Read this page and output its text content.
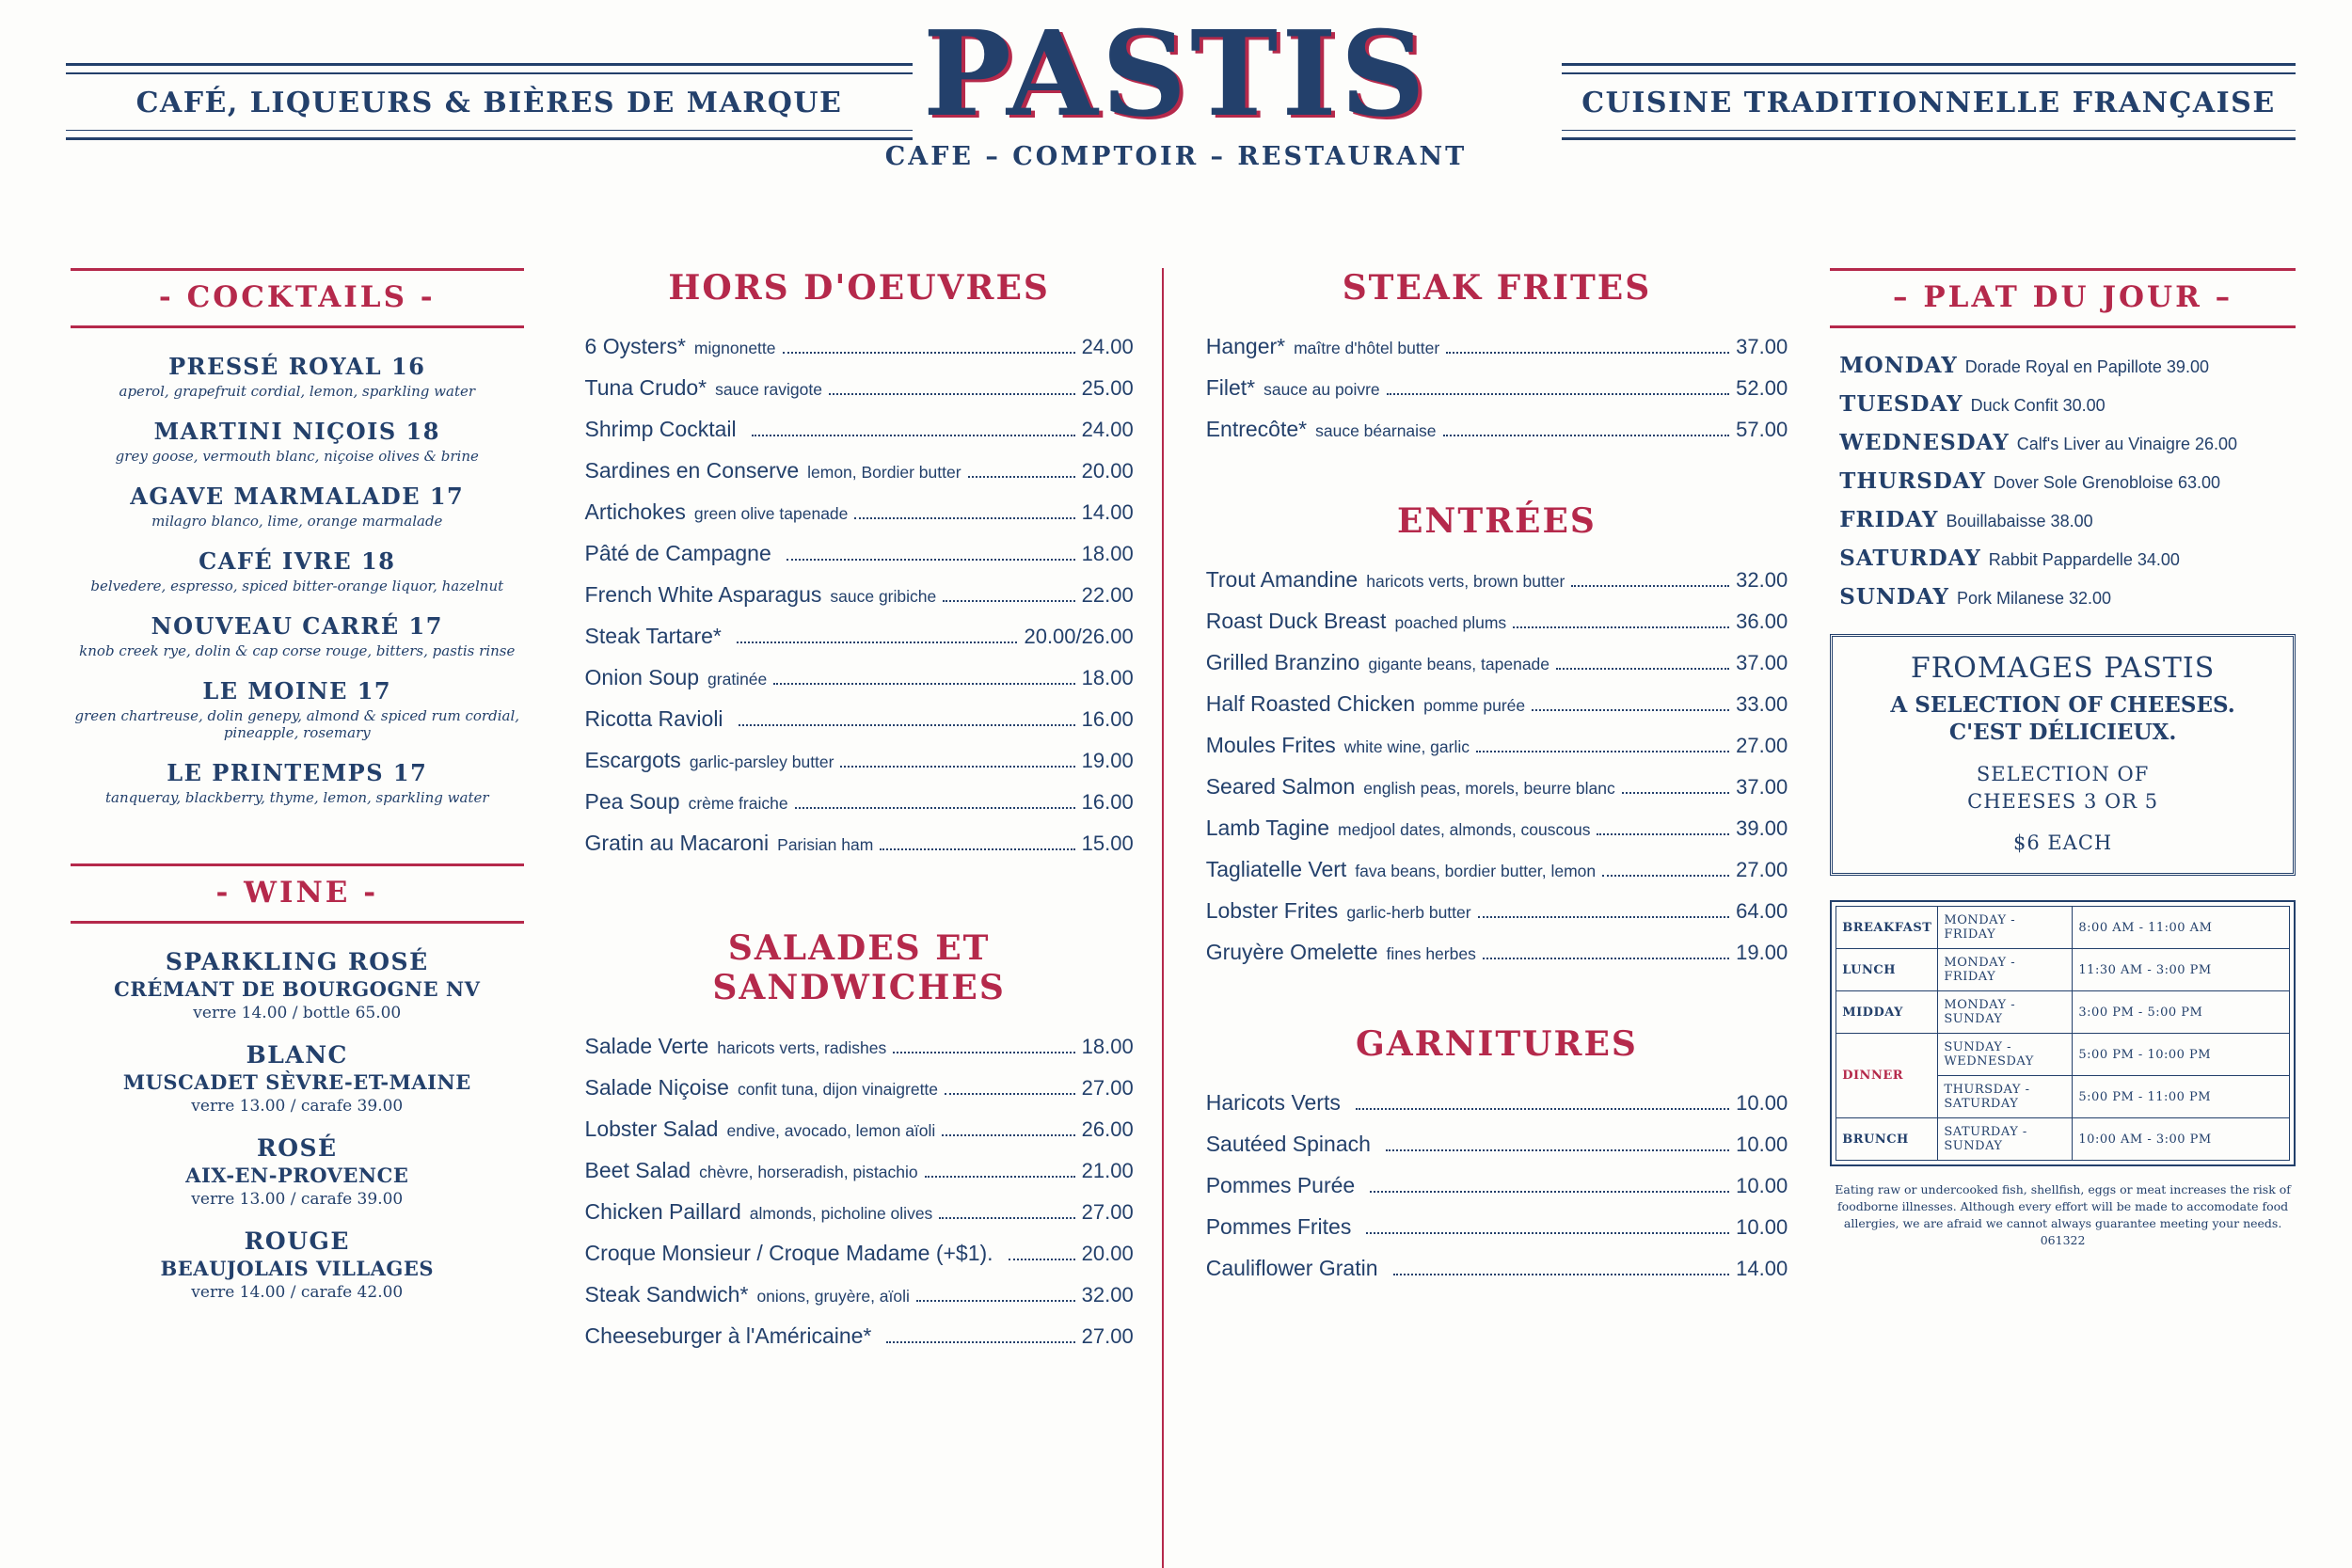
CAFÉ, LIQUEURS & BIÈRES DE MARQUE PASTIS
CAFE – COMPTOIR – RESTAURANT
CUISINE TRADITIONNELLE FRANÇAISE
- COCKTAILS -
PRESSÉ ROYAL 16
aperol, grapefruit cordial, lemon, sparkling water
MARTINI NIÇOIS 18
grey goose, vermouth blanc, niçoise olives & brine
AGAVE MARMALADE 17
milagro blanco, lime, orange marmalade
CAFÉ IVRE 18
belvedere, espresso, spiced bitter-orange liquor, hazelnut
NOUVEAU CARRÉ 17
knob creek rye, dolin & cap corse rouge, bitters, pastis rinse
LE MOINE 17
green chartreuse, dolin genepy, almond & spiced rum cordial, pineapple, rosemary
LE PRINTEMPS 17
tanqueray, blackberry, thyme, lemon, sparkling water
- WINE -
SPARKLING ROSÉ
CRÉMANT DE BOURGOGNE NV
verre 14.00 / bottle 65.00
BLANC
MUSCADET SÈVRE-ET-MAINE
verre 13.00 / carafe 39.00
ROSÉ
AIX-EN-PROVENCE
verre 13.00 / carafe 39.00
ROUGE
BEAUJOLAIS VILLAGES
verre 14.00 / carafe 42.00
HORS D'OEUVRES
6 Oysters* mignonette	24.00
Tuna Crudo* sauce ravigote	25.00
Shrimp Cocktail	24.00
Sardines en Conserve lemon, Bordier butter	20.00
Artichokes green olive tapenade	14.00
Pâté de Campagne	18.00
French White Asparagus sauce gribiche	22.00
Steak Tartare*	20.00/26.00
Onion Soup gratinée	18.00
Ricotta Ravioli	16.00
Escargots garlic-parsley butter	19.00
Pea Soup crème fraiche	16.00
Gratin au Macaroni Parisian ham	15.00
SALADES ET SANDWICHES
Salade Verte haricots verts, radishes	18.00
Salade Niçoise confit tuna, dijon vinaigrette	27.00
Lobster Salad endive, avocado, lemon aïoli	26.00
Beet Salad chèvre, horseradish, pistachio	21.00
Chicken Paillard almonds, picholine olives	27.00
Croque Monsieur / Croque Madame (+$1).	20.00
Steak Sandwich* onions, gruyère, aïoli	32.00
Cheeseburger à l'Américaine*	27.00
STEAK FRITES
Hanger* maître d'hôtel butter	37.00
Filet* sauce au poivre	52.00
Entrecôte* sauce béarnaise	57.00
ENTRÉES
Trout Amandine haricots verts, brown butter	32.00
Roast Duck Breast poached plums	36.00
Grilled Branzino gigante beans, tapenade	37.00
Half Roasted Chicken pomme purée	33.00
Moules Frites white wine, garlic	27.00
Seared Salmon english peas, morels, beurre blanc	37.00
Lamb Tagine medjool dates, almonds, couscous	39.00
Tagliatelle Vert fava beans, bordier butter, lemon	27.00
Lobster Frites garlic-herb butter	64.00
Gruyère Omelette fines herbes	19.00
GARNITURES
Haricots Verts	10.00
Sautéed Spinach	10.00
Pommes Purée	10.00
Pommes Frites	10.00
Cauliflower Gratin	14.00
– PLAT DU JOUR –
MONDAY Dorade Royal en Papillote 39.00
TUESDAY Duck Confit 30.00
WEDNESDAY Calf's Liver au Vinaigre 26.00
THURSDAY Dover Sole Grenobloise 63.00
FRIDAY Bouillabaisse 38.00
SATURDAY Rabbit Pappardelle 34.00
SUNDAY Pork Milanese 32.00
FROMAGES PASTIS
A SELECTION OF CHEESES.
C'EST DÉLICIEUX.
SELECTION OF
CHEESES 3 OR 5
$6 EACH
BREAKFAST	MONDAY - FRIDAY	8:00 AM - 11:00 AM
LUNCH	MONDAY - FRIDAY	11:30 AM - 3:00 PM
MIDDAY	MONDAY - SUNDAY	3:00 PM - 5:00 PM
DINNER	SUNDAY - WEDNESDAY	5:00 PM - 10:00 PM
	THURSDAY - SATURDAY	5:00 PM - 11:00 PM
BRUNCH	SATURDAY - SUNDAY	10:00 AM - 3:00 PM
Eating raw or undercooked fish, shellfish, eggs or meat increases the risk of foodborne illnesses. Although every effort will be made to accomodate food allergies, we are afraid we cannot always guarantee meeting your needs. 061322
